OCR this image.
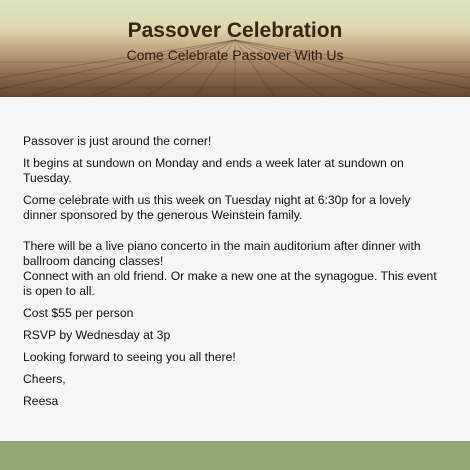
Passover Celebration
Come Celebrate Passover With Us

Passover is just around the corner!

It begins at sundown on Monday and ends a week later at sundown on Tuesday.

Come celebrate with us this week on Tuesday night at 6:30p for a lovely dinner sponsored by the generous Weinstein family.

There will be a live piano concerto in the main auditorium after dinner with ballroom dancing classes!

Connect with an old friend. Or make a new one at the synagogue. This event is open to all.

Cost $55 per person

RSVP by Wednesday at 3p

Looking forward to seeing you all there!

Cheers,

Reesa
